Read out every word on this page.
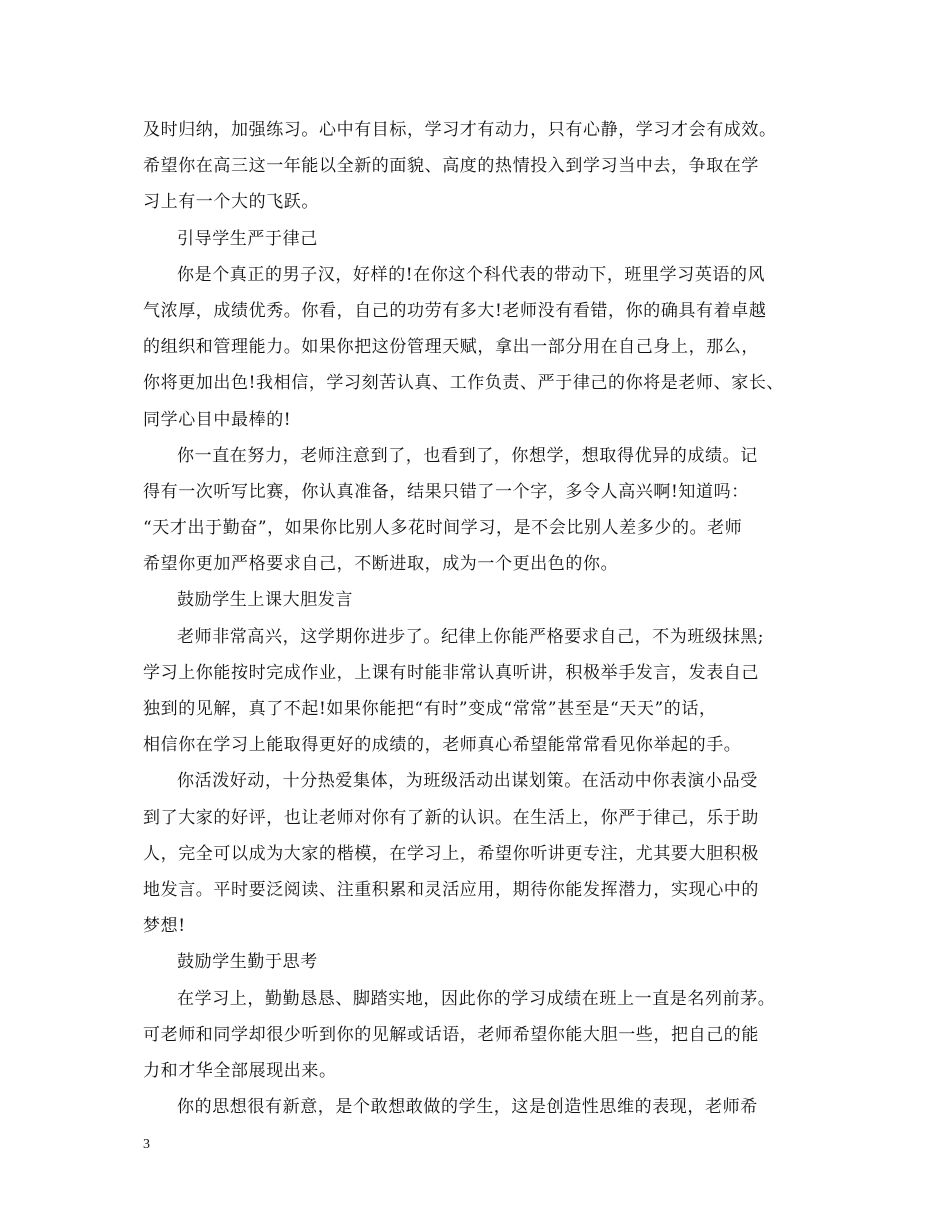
及时归纳，加强练习。心中有目标，学习才有动力，只有心静，学习才会有成效。
希望你在高三这一年能以全新的面貌、高度的热情投入到学习当中去，争取在学
习上有一个大的飞跃。
引导学生严于律己
你是个真正的男子汉，好样的!在你这个科代表的带动下，班里学习英语的风
气浓厚，成绩优秀。你看，自己的功劳有多大!老师没有看错，你的确具有着卓越
的组织和管理能力。如果你把这份管理天赋，拿出一部分用在自己身上，那么，
你将更加出色!我相信，学习刻苦认真、工作负责、严于律己的你将是老师、家长、
同学心目中最棒的!
你一直在努力，老师注意到了，也看到了，你想学，想取得优异的成绩。记
得有一次听写比赛，你认真准备，结果只错了一个字，多令人高兴啊!知道吗：
“天才出于勤奋”，如果你比别人多花时间学习，是不会比别人差多少的。老师
希望你更加严格要求自己，不断进取，成为一个更出色的你。
鼓励学生上课大胆发言
老师非常高兴，这学期你进步了。纪律上你能严格要求自己，不为班级抹黑;
学习上你能按时完成作业，上课有时能非常认真听讲，积极举手发言，发表自己
独到的见解，真了不起!如果你能把“有时”变成“常常”甚至是“天天”的话，
相信你在学习上能取得更好的成绩的，老师真心希望能常常看见你举起的手。
你活泼好动，十分热爱集体，为班级活动出谋划策。在活动中你表演小品受
到了大家的好评，也让老师对你有了新的认识。在生活上，你严于律己，乐于助
人，完全可以成为大家的楷模，在学习上，希望你听讲更专注，尤其要大胆积极
地发言。平时要泛阅读、注重积累和灵活应用，期待你能发挥潜力，实现心中的
梦想!
鼓励学生勤于思考
在学习上，勤勤恳恳、脚踏实地，因此你的学习成绩在班上一直是名列前茅。
可老师和同学却很少听到你的见解或话语，老师希望你能大胆一些，把自己的能
力和才华全部展现出来。
你的思想很有新意，是个敢想敢做的学生，这是创造性思维的表现，老师希
3
